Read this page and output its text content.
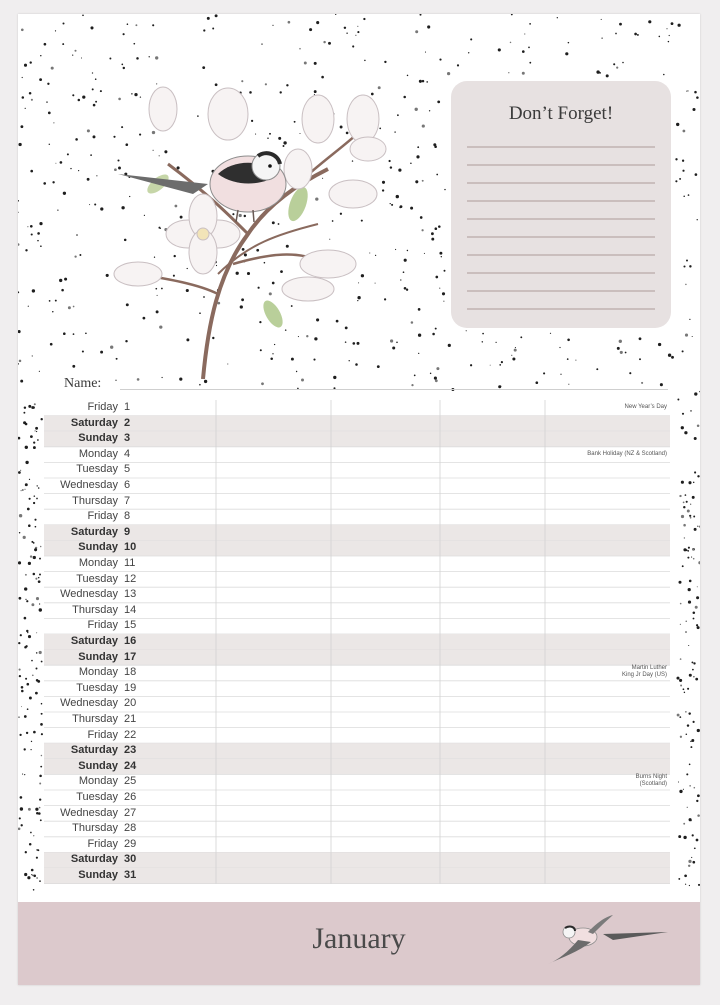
Don’t Forget!
Name:
Friday 1
Saturday 2
Sunday 3
Monday 4
Tuesday 5
Wednesday 6
Thursday 7
Friday 8
Saturday 9
Sunday 10
Monday 11
Tuesday 12
Wednesday 13
Thursday 14
Friday 15
Saturday 16
Sunday 17
Monday 18
Tuesday 19
Wednesday 20
Thursday 21
Friday 22
Saturday 23
Sunday 24
Monday 25
Tuesday 26
Wednesday 27
Thursday 28
Friday 29
Saturday 30
Sunday 31
New Year’s Day
Bank Holiday (NZ & Scotland)
Martin Luther
King Jr Day (US)
Burns Night
(Scotland)
January
